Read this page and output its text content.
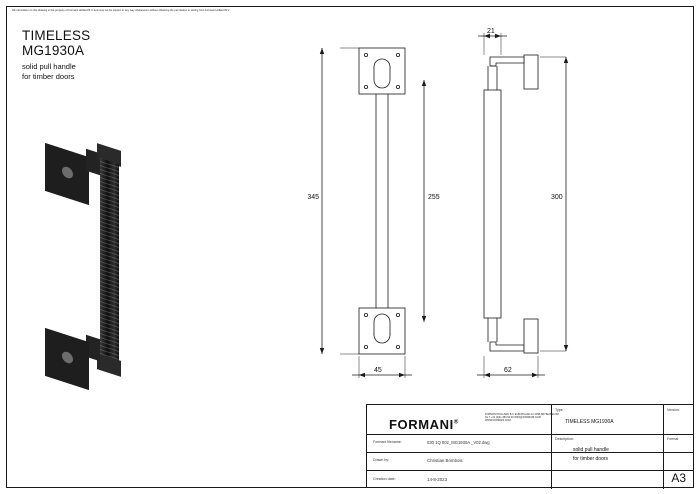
All information on this drawing is the property of Formani Holland B.V. and may not be copied, in any way whatsoever without obtaining the permission in writing from Formani Holland B.V.
TIMELESS
MG1930A
solid pull handle
for timber doors
345	255	300
45	62
21
FORMANI®
FORMANI HOLLAND B.V. EUROPLAAN 12 4158 AB HEUKELOM NL T +31 (0)41 384 64 00 INFO@FORMANI.COM WWW.FORMANI.COM
Type :
TIMELESS MG1930A
Version:
Formani filename:	030 1Q 002_MG1930A _V02.dwg
Description:
solid pull handle
for timber doors
Drawn by:	Christian Brimbois
Format
A3
Creation date:	14-8-2023
